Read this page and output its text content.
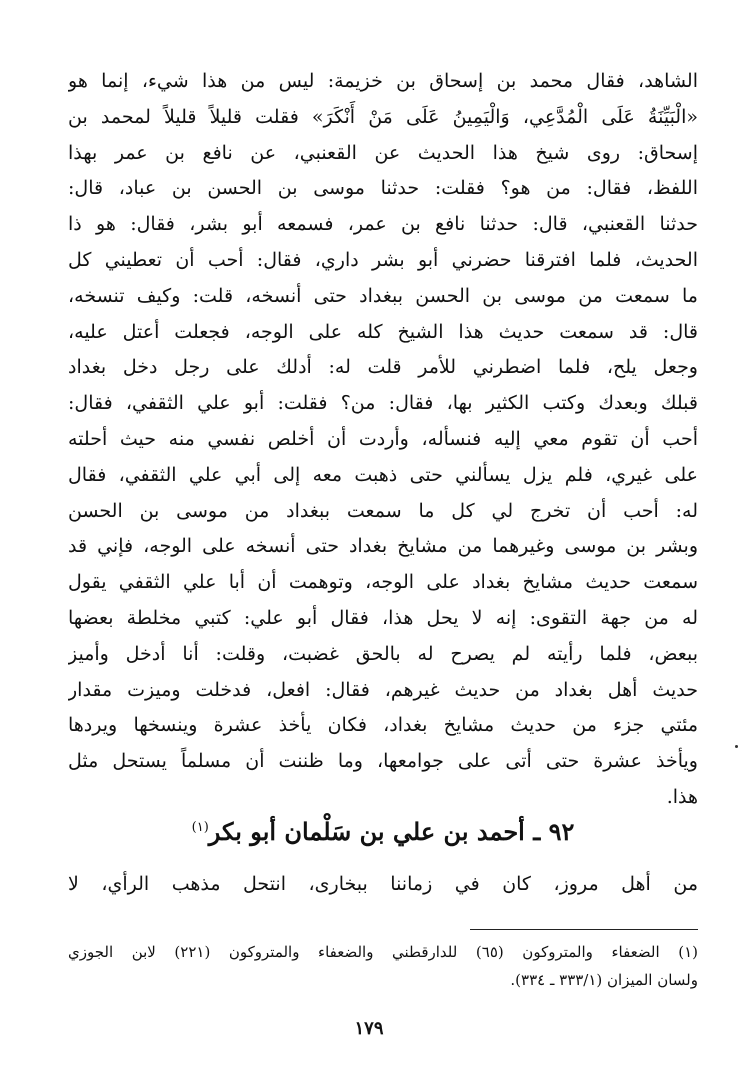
الشاهد، فقال محمد بن إسحاق بن خزيمة: ليس من هذا شيء، إنما هو
«الْبَيِّنَةُ عَلَى الْمُدَّعِي، وَالْيَمِينُ عَلَى مَنْ أَنْكَرَ» فقلت قليلاً قليلاً لمحمد بن
إسحاق: روى شيخ هذا الحديث عن القعنبي، عن نافع بن عمر بهذا
اللفظ، فقال: من هو؟ فقلت: حدثنا موسى بن الحسن بن عباد، قال:
حدثنا القعنبي، قال: حدثنا نافع بن عمر، فسمعه أبو بشر، فقال: هو ذا
الحديث، فلما افترقنا حضرني أبو بشر داري، فقال: أحب أن تعطيني كل
ما سمعت من موسى بن الحسن ببغداد حتى أنسخه، قلت: وكيف تنسخه،
قال: قد سمعت حديث هذا الشيخ كله على الوجه، فجعلت أعتل عليه،
وجعل يلح، فلما اضطرني للأمر قلت له: أدلك على رجل دخل بغداد
قبلك وبعدك وكتب الكثير بها، فقال: من؟ فقلت: أبو علي الثقفي، فقال:
أحب أن تقوم معي إليه فنسأله، وأردت أن أخلص نفسي منه حيث أحلته
على غيري، فلم يزل يسألني حتى ذهبت معه إلى أبي علي الثقفي، فقال
له: أحب أن تخرج لي كل ما سمعت ببغداد من موسى بن الحسن
وبشر بن موسى وغيرهما من مشايخ بغداد حتى أنسخه على الوجه، فإني قد
سمعت حديث مشايخ بغداد على الوجه، وتوهمت أن أبا علي الثقفي يقول
له من جهة التقوى: إنه لا يحل هذا، فقال أبو علي: كتبي مخلطة بعضها
ببعض، فلما رأيته لم يصرح له بالحق غضبت، وقلت: أنا أدخل وأميز
حديث أهل بغداد من حديث غيرهم، فقال: افعل، فدخلت وميزت مقدار
مئتي جزء من حديث مشايخ بغداد، فكان يأخذ عشرة وينسخها ويردها
ويأخذ عشرة حتى أتى على جوامعها، وما ظننت أن مسلماً يستحل مثل
هذا.
٩٢ ـ أحمد بن علي بن سَلْمان أبو بكر$^{(١)}$
من أهل مروز، كان في زماننا ببخارى، انتحل مذهب الرأي، لا
(١) الضعفاء والمتروكون (٦٥) للدارقطني والضعفاء والمتروكون (٢٢١) لابن الجوزي
ولسان الميزان (٣٣٣/١ ـ ٣٣٤).
١٧٩
